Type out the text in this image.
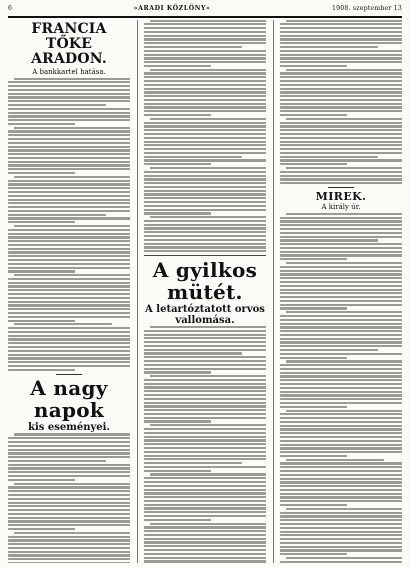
6	»ARADI KÖZLÖNY«	1908. szeptember 13
FRANCIA TŐKE ARADON.
A bankkartel hatása.
A nagy napok
kis eseményei.
A gyilkos mütét.
A letartóztatott orvos vallomása.
MIREK.
A király úr.
